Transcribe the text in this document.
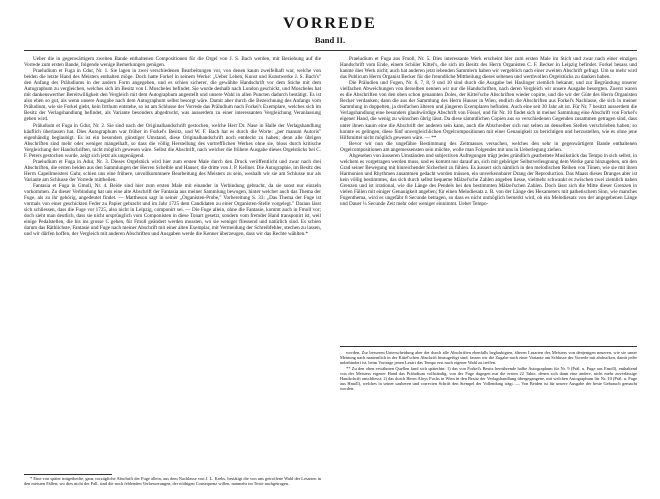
VORREDE
Band II.

Ueber die in gegenwärtigem zweiten Bande enthaltenen Compositionen für die Orgel von J. S. Bach werden, mit Beziehung auf die Vorrede zum ersten Bande, folgende wenige Bemerkungen genügen.

Praeludium et Fuga in Cdur, Nr. 1. Sie lagen in zwei verschiedenen Bearbeitungen vor, von denen kaum zweifelhaft war, welche von beiden die letzte Hand des Meisters enthalten möge. Doch hatte Forkel in seinem Werke: „Ueber Leben, Kunst und Kunstwerke J. S. Bach's" den Anfang des Präludiums in der andern Form angegeben, und es schien sicherer, die gewählte Handschrift vor dem Stiche mit dem Autographum zu vergleichen, welches sich im Besitz von I. Moscheles befindet. Sie wurde deshalb nach London geschickt, und Moscheles hat mit dankenswerther Bereitwilligkeit den Vergleich mit dem Autographum angestellt und unsere Wahl in allen Puncten dadurch bestätigt. Es ist also eben so gut, als wenn unsere Ausgabe nach dem Autographum selbst besorgt wäre. Damit aber durch die Bezeichnung des Anfangs vom Präludium, wie sie Forkel giebt, kein Irrthum entstehe, so ist am Schlusse der Vorrede das Präludium nach Forkel's Exemplare, welches sich im Besitz der Verlagshandlung befindet, als Variante besonders abgedruckt, was ausserdem zu einer interessanten Vergleichung Veranlassung geben wird.

Präludium et Fuga in Gdur, Nr. 2. Sie sind nach der Originalhandschrift gestochen, welche Herr Dr. Nase in Halle der Verlagshandlung käuflich überlassen hat. Dies Autographum war früher in Forkel's Besitz, und W. F. Bach hat es durch die Worte: „per manum Autoris" eigenhändig beglaubigt. Es ist ein besonders günstiger Umstand, diese Originalhandschrift noch entdeckt zu haben; denn alle übrigen Abschriften sind mehr oder weniger mangelhaft, so dass die völlig Herstellung des vortrefflichen Werkes ohne sie, bloss durch kritische Vergleichung der Handschriften, nicht möglich gewesen wäre. Selbst die Abschrift, nach welcher die frühere Ausgabe dieses Orgelstücks bei C. F. Peters gestochen wurde, zeigt sich jetzt als ungenügend.

Praeludium et Fuga in Adur, Nr. 3. Dieses Orgelstück wird hier zum ersten Male durch den Druck veröffentlicht und zwar nach drei Abschriften, die ersten beiden aus den Sammlungen der Herren Schelble und Hauser, die dritte von J. P. Kellner. Die Autographie, im Besitz des Herrn Capellmeisters Guhr, schien uns eine frühere, unvollkommnere Bearbeitung des Meisters zu sein, weshalb wir sie am Schlusse nur als Variante am Schlusse der Vorrede mittheilen.

Fantasia et Fuga in Gmoll, Nr. 4. Beide sind hier zum ersten Male mit einander in Verbindung gebracht, da sie sonst nur einzeln vorkommen. Zu dieser Verbindung hat uns eine alte Abschrift der Fantasia aus meiner Sammlung bewogen, hinter welcher auch das Thema der Fuge, als zu ihr gehörig, angedeutet findet. — Mattheson sagt in seiner „Organisten-Probe," Vorbereitung S. 33: „Das Thema der Fuge ist vormals von einer geschickten Feder zu Papier gebracht und im Jahr 1725 dem Candidaten zu einer Organisten-Stelle vorgelegt." Daraus lässt sich schliessen, dass die Fuge vor 1725, also nicht in Leipzig, componirt sei. — Die Fuge allein, ohne die Fantasie, kommt auch in Fmoll vor; doch sieht man deutlich, dass sie nicht ursprünglich vom Componisten in diese Tonart gesetzt, sondern vom fremder Hand transponirt ist, weil einige Pedalstellen, die bis ins grosse C gehen, für Fmoll geändert werden mussten, wo sie weniger fliessend und natürlich sind. Es schien darum das Räthlichste, Fantasie und Fuge nach meiner Abschrift mit einer alten Exemplar, mit Vermeidung der Schreibfehler, stechen zu lassen, und wir dürfen hoffen, der Vergleich mit anderen Abschriften und Ausgaben werde die Kenner überzeugen, dass wir das Rechte wählten.*

Praeludium et Fuga aus Fmoll, Nr. 5. Dies interessante Werk erscheint hier zum ersten Male im Stich und zwar nach einer einzigen Handschrift vom Ende, einem Schüler Kittel's, die sich im Besitz des Herrn Organisten C. F. Becker in Leipzig befindet. Forkel besass und kannte dies Werk nicht; auch hat anderen jetzt lebenden Sammlern haben wir vergeblich nach einer zweiten Abschrift gefragt. Um so mehr wird das Publicum Herrn Organist Becker für die freundliche Mittheilung dieses seltenen und werthvollen Orgelstücks zu danken haben.

Die Präludien und Fugen, Nr. 6, 7, 8, 9 und 10 sind durch die Ausgabe bei Haslinger ziemlich bekannt, und zur Begründung unserer vielfachen Abweichungen von derselben nennen wir nur die Handschriften, nach deren Vergleich wir unsere Ausgabe besorgten. Zuerst waren es die Abschriften von den oben schon genannten Doles, der Kittel'sche Abschriften wieder copirte, und die wir der Güte des Herrn Organisten Becker verdanken; dann die aus der Sammlung des Herrn Hauser in Wien, endlich die Abschriften aus Forkel's Nachlasse, die sich in meiner Sammlung in doppelten, ja dreifachen älteren und jüngeren Exemplaren befinden. Auch eine seit 30 Jahr alt ist. Für Nr. 7 besitzt ausserdem die Verlagshandlung eine besonders glaubwürdige Abschrift von Fössel, und für Nr. 10 findet sich in meiner Sammlung eine Abschrift von Forkel's eigener Hand, die wenig zu wünschen übrig lässt. Da diese sämmtlichen Copien aus so verschiedenen Gegenden zusammen getragen sind, dass unter ihnen kaum eine die Abschrift der anderen sein kann, auch die Abschreiber sich nur selten an denselben Stellen verschrieben haben; so konnte es gelingen, diese fünf unvergleichlichen Orgelcompositionen mit einer Genauigkeit zu berichtigen und herzustellen, wie es ohne jene Hilfsmittel nicht möglich gewesen wäre. — **

Bevor wir nun die ungefähre Bestimmung des Zeitmasses versuchen, welches den sehr in gegenwärtigem Bande enthaltenen Orgelcompositionen am angemessensten sein möchte, wolle man Folgendes mit uns in Ueberlegung ziehen.

Abgesehen von äusseren Umständen und subjectiven Aufregungen trägt jedes gründlich gearbeitete Musikstück das Tempo in sich selbst, in welchem es vorgetragen werden muss, und es kommt nur darauf an, sich mit gehöriger Selbstverleugnung dem Werke ganz hinzugeben, um den Grad seiner Bewegung mit hinreichender Sicherheit zu fühlen. Es äussert sich nämlich in den melodischen Reihen von Tönen, wie sie mit ihren Harmonien und Rhythmen zusammen gedacht worden müssen, ein unverkennbarer Drang der Reproduction. Das Maass dieses Dranges aber ist kein völlig bestimmtes, das sich durch selbst bequeme Mälzel'sche Zahlen angeben liesse, vielmehr schwankt es zwischen zwei ziemlich nahen Grenzen und ist irrational, wie die Länge des Pendels bei den bestimmten Mälzel'schen Zahlen. Doch lässt sich die Mitte dieser Grenzen in vielen Fällen mit einiger Genauigkeit angeben; für einen Melodiesatz z. B. von der Länge des Hexameters mit pathetischem Sinn, wie manches Fugenthema, wird es ungefähr 8 Secunde betragen, so dass es nicht unmöglich bemerkt wird, ob ein Melodiesatz von der angegebenen Länge und Dauer ¼ Secunde Zeit mehr oder weniger einnimmt. Ueber Tempo-

* Eine von später mitgetheilte, ganz vorzügliche Abschrift der Fuge allein, aus dem Nachlasse von J. L. Krebs, bestätigt die von uns getroffene Wahl der Lesarten in den meisten Fällen; wo dies nicht der Fall, sind die noch fehlenden Verbesserungen, der nöthigen Consequenz willen, nunmehr im Texte nachgetragen.

worden. Zur besseren Unterscheidung aber der durch alle Abschriften ebenfalls beglaubigten, älteren Lesarten des Meisters von denjenigen neueren, wie sie unser Meinung nach namentlich in der Kittel'schen Abschrift hinzugefügt sind, fassen wir die Zugabe nach einer Variante am Schlusse der Vorrede mit abdrucken, damit jeder unbehindert ist, beim Vortrage jenen Lesart das Tempo erst nach eigener Wahl zu treffen.

** Zu den oben erwähnten Quellen fand sich späterhin: 1) das von Forkel's Besitz herrührende halbe Autographum für Nr. 9 (Präl. u. Fuge aus Emoll), enthaltend von der Meisters eigener Hand das Präludium vollständig, von der Fuge dagegen nur die ersten 22 Takte, denen sich dann eine andere, nicht mehr zuverlässige Handschrift anschliesst; 2) das durch Herrn Aloys Fuchs in Wien in den Besitz der Verlagshandlung übergegangene, mit welchen Autographum für Nr. 10 (Präl. u. Fuge aus Hmoll), welches in seiner sauberen und correcten Schrift den Stempel der Vollendung trägt. — Von Beiden ist für unsere Ausgabe der beste Gebrauch gemacht worden.
